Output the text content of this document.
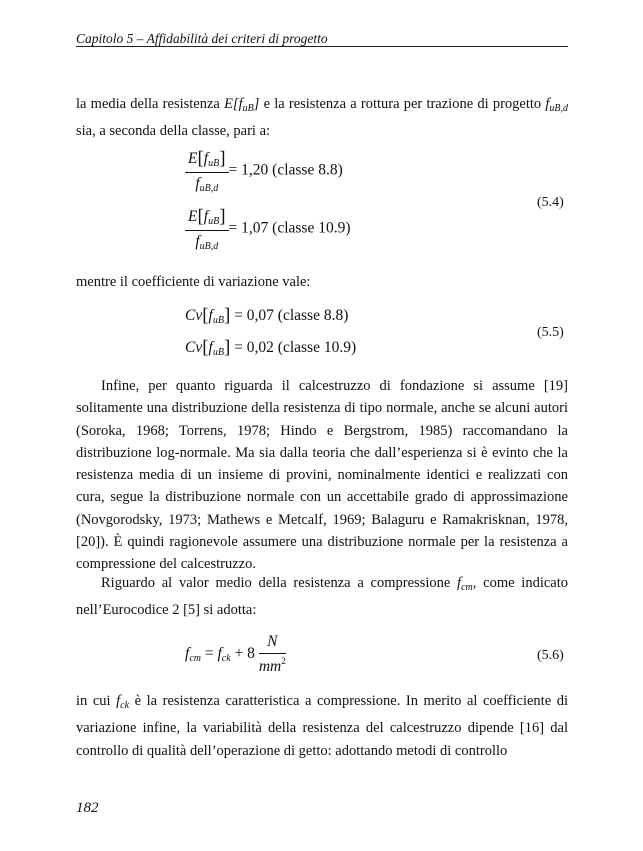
Capitolo 5 – Affidabilità dei criteri di progetto

la media della resistenza $E[f_{uB}]$ e la resistenza a rottura per trazione di progetto $f_{uB,d}$ sia, a seconda della classe, pari a:

$\frac{E[f_{uB}]}{f_{uB,d}} = 1,20$ (classe 8.8)
$\frac{E[f_{uB}]}{f_{uB,d}} = 1,07$ (classe 10.9)
(5.4)

mentre il coefficiente di variazione vale:

$Cv[f_{uB}] = 0,07$ (classe 8.8)
$Cv[f_{uB}] = 0,02$ (classe 10.9)
(5.5)

Infine, per quanto riguarda il calcestruzzo di fondazione si assume [19] solitamente una distribuzione della resistenza di tipo normale, anche se alcuni autori (Soroka, 1968; Torrens, 1978; Hindo e Bergstrom, 1985) raccomandano la distribuzione log-normale. Ma sia dalla teoria che dall’esperienza si è evinto che la resistenza media di un insieme di provini, nominalmente identici e realizzati con cura, segue la distribuzione normale con un accettabile grado di approssimazione (Novgorodsky, 1973; Mathews e Metcalf, 1969; Balaguru e Ramakrisknan, 1978, [20]). È quindi ragionevole assumere una distribuzione normale per la resistenza a compressione del calcestruzzo.

Riguardo al valor medio della resistenza a compressione $f_{cm}$, come indicato nell’Eurocodice 2 [5] si adotta:

$f_{cm} = f_{ck} + 8 \frac{N}{mm^2}$	(5.6)

in cui $f_{ck}$ è la resistenza caratteristica a compressione. In merito al coefficiente di variazione infine, la variabilità della resistenza del calcestruzzo dipende [16] dal controllo di qualità dell’operazione di getto: adottando metodi di controllo

182
